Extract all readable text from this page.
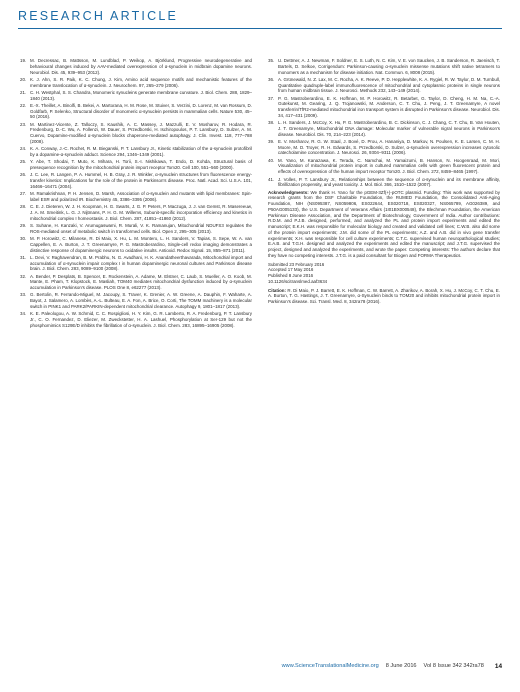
RESEARCH ARTICLE
19. M. Decressac, B. Mattsson, M. Lundblad, P. Weikop, A. Björklund, Progressive neurodegenerative and behavioural changes induced by AAV-mediated overexpression of α-synuclein in midbrain dopamine neurons. Neurobiol. Dis. 45, 939–953 (2012).
20. K. J. Ahn, S. R. Paik, K. C. Chung, J. Kim, Amino acid sequence motifs and mechanistic features of the membrane translocation of α-synuclein. J. Neurochem. 97, 265–279 (2006).
21. C. H. Westphal, S. S. Chandra, Monomeric synucleins generate membrane curvature. J. Biol. Chem. 288, 1829–1840 (2013).
22. E.-X. Theillet, A. Binolfi, B. Bekei, A. Martorana, H. M. Rose, M. Stuiver, S. Verzini, D. Lorenz, M. van Rossum, D. Goldfarb, P. Selenko, Structural disorder of monomeric α-synuclein persists in mammalian cells. Nature 530, 45–50 (2016).
23. M. Martinez-Vicente, Z. Talloczy, S. Kaushik, A. C. Massey, J. Mazzulli, E. V. Mosharov, R. Hodara, R. Fredenburg, D.-C. Wu, A. Follenzi, W. Dauer, S. Przedborski, H. Ischiropoulos, P. T. Lansbury, D. Sulzer, A. M. Cuervo, Dopamine-modified α-synuclein blocks chaperone-mediated autophagy. J. Clin. Invest. 118, 777–788 (2008).
24. K. A. Conway, J.-C. Rochet, R. M. Bieganski, P. T. Lansbury Jr., Kinetic stabilization of the α-synuclein protofibril by a dopamine-α-synuclein adduct. Science 294, 1346–1349 (2001).
25. Y. Abe, T. Shodai, T. Muto, K. Mihara, H. Torii, S.-I. Nishikawa, T. Endo, D. Kohda, Structural basis of presequence recognition by the mitochondrial protein import receptor Tom20. Cell 100, 551–560 (2000).
26. J. C. Lee, R. Langen, P. A. Hummel, H. B. Gray, J. R. Winkler, α-synuclein structures from fluorescence energy-transfer kinetics: Implications for the role of the protein in Parkinson's disease. Proc. Natl. Acad. Sci. U.S.A. 101, 16466–16471 (2004).
27. M. Ramakrishnan, P. H. Jensen, D. Marsh, Association of α-synuclein and mutants with lipid membranes: Spin-label ESR and polarized IR. Biochemistry 45, 3386–3395 (2006).
28. C. E. J. Dieteren, W. J. H. Koopman, H. G. Swarts, J. G. P. Peters, P. Maczuga, J. J. van Gemst, R. Masereeuw, J. A. M. Smeitink, L. G. J. Nijtmans, P. H. G. M. Willems, Subunit-specific incorporation efficiency and kinetics in mitochondrial complex I homeostasis. J. Biol. Chem. 287, 41851–41860 (2012).
29. S. Suhane, H. Kanzaki, V. Arumugaswami, R. Murali, V. K. Ramanujan, Mitochondrial NDUFS3 regulates the ROS-mediated onset of metabolic switch in transformed cells. Biol. Open 2, 295–305 (2013).
30. M. P. Horowitz, C. Milanese, R. Di Maio, X. Hu, L. M. Montero, L. H. Sanders, V. Tapias, S. Sepe, W. A. van Cappellen, E. A. Burton, J. T. Greenamyre, P. G. Mastroberardino, Single-cell redox imaging demonstrates a distinctive response of dopaminergic neurons to oxidative insults. Antioxid. Redox Signal. 15, 855–871 (2011).
31. L. Devi, V. Raghavendran, B. M. Prabhu, N. G. Avadhani, H. K. Anandatheerthavarada, Mitochondrial import and accumulation of α-synuclein impair complex I in human dopaminergic neuronal cultures and Parkinson disease brain. J. Biol. Chem. 283, 9089–9100 (2008).
32. A. Bender, P. Desplats, B. Spencer, E. Rockenstein, A. Adame, M. Elstner, C. Laub, S. Mueller, A. O. Koob, M. Mante, E. Pham, T. Klopstock, E. Masliah, TOM40 mediates mitochondrial dysfunction induced by α-synuclein accumulation in Parkinson's disease. PLOS One 8, e62277 (2013).
33. G. Bertolin, R. Ferrando-Miguel, M. Jacoupy, S. Traver, K. Grenier, A. W. Greene, A. Dauphin, F. Waharte, A. Bayot, J. Salamero, A. Lombès, A.-L. Bulteau, E. A. Fon, A. Brice, O. Corti, The TOMM machinery is a molecular switch in PINK1 and PARK2/PARKIN-dependent mitochondrial clearance. Autophagy 9, 1801–1817 (2013).
34. K. E. Paleologou, A. W. Schmid, C. C. Rospigliosi, H. Y. Kim, G. R. Lamberto, R. A. Fredenburg, P. T. Lansbury Jr., C. O. Fernandez, D. Eliezer, M. Zweckstetter, H. A. Lashuel, Phosphorylation at Ser-129 but not the phosphomimics S129E/D inhibits the fibrillation of α-synuclein. J. Biol. Chem. 283, 16895–16905 (2008).
35. U. Dettmer, A. J. Newman, F. Soldner, E. S. Luth, N. C. Kim, V. E. von Saucken, J. B. Sanderson, R. Jaenisch, T. Bartels, D. Selkoe, Corrigendum: Parkinson-causing α-synuclein missense mutations shift native tetramers to monomers as a mechanism for disease initiation. Nat. Commun. 6, 8008 (2015).
36. A. Grünewald, N. Z. Lax, M. C. Rocha, A. K. Reeve, P. D. Hepplewhite, K. A. Rygiel, R. W. Taylor, D. M. Turnbull, Quantitative quadruple-label immunofluorescence of mitochondrial and cytoplasmic proteins in single neurons from human midbrain tissue. J. Neurosci. Methods 232, 143–149 (2014).
37. P. G. Mastroberardino, E. K. Hoffman, M. P. Horowitz, R. Betarbet, G. Taylor, D. Cheng, H. M. Na, C.-A. Gutekunst, M. Gearing, J. Q. Trojanowski, M. Anderson, C. T. Chu, J. Peng, J. T. Greenamyre, A novel transferrin/TfR2-mediated mitochondrial iron transport system is disrupted in Parkinson's disease. Neurobiol. Dis. 34, 417–431 (2009).
38. L. H. Sanders, J. McCoy, X. Hu, P. G. Mastroberardino, B. C. Dickinson, C. J. Chang, C. T. Chu, B. Van Houten, J. T. Greenamyre, Mitochondrial DNA damage: Molecular marker of vulnerable nigral neurons in Parkinson's disease. Neurobiol. Dis. 70, 214–223 (2014).
39. E. V. Mosharov, R. G. W. Staal, J. Bové, D. Prou, A. Hananiya, D. Markov, N. Poulsen, K. E. Larsen, C. M. H. Moore, M. D. Troyer, R. H. Edwards, S. Przedborski, D. Sulzer, α-synuclein overexpression increases cytosolic catecholamine concentration. J. Neurosci. 26, 9304–9311 (2006).
40. M. Yano, M. Kanazawa, K. Terada, C. Namchai, M. Yamaizumi, B. Hanson, N. Hoogenraad, M. Mori, Visualization of mitochondrial protein import in cultured mammalian cells with green fluorescent protein and effects of overexpression of the human import receptor Tom20. J. Biol. Chem. 272, 8459–8465 (1997).
41. J. Volles, P. T. Lansbury Jr., Relationships between the sequence of α-synuclein and its membrane affinity, fibrillization propensity, and yeast toxicity. J. Mol. Biol. 366, 1510–1522 (2007).
Acknowledgments: We thank H. Yano for the pGEM-3Zf(+)-pOTC plasmid. Funding: This work was supported by research grants from the DSF Charitable Foundation, the RUMED Foundation, the Consolidated Anti-Aging Foundation, NIH (NS095387, NS059806, ES022644, ES020718, ES020327, NS065789, AG026389, and P50AG005133), the U.S. Department of Veterans Affairs (1I01BX000548), the Blechman Foundation, the American Parkinson Disease Association, and the Department of Biotechnology, Government of India. Author contributions: R.D.M. and P.J.B. designed, performed, and analyzed the PL and protein import experiments and edited the manuscript; E.K.H. was responsible for molecular biology and created and validated cell lines; C.W.B. also did some of the protein import experiments; J.M. did some of the PL experiments; A.Z. and A.B. did in vivo gene transfer experiments; X.H. was responsible for cell culture experiments; C.T.C. supervised human neuropathological studies; E.A.B. and T.G.H. designed and analyzed the experiments and edited the manuscript; and J.T.G. supervised the project, designed and analyzed the experiments, and wrote the paper. Competing interests: The authors declare that they have no competing interests. J.T.G. is a paid consultant for Biogen and FORMA Therapeutics.
Submitted 23 February 2016
Accepted 17 May 2016
Published 8 June 2016
10.1126/scitranslmed.aaf3634
Citation: R. Di Maio, P. J. Barrett, E. K. Hoffman, C. W. Barrett, A. Zharikov, A. Borah, X. Hu, J. McCoy, C. T. Chu, E. A. Burton, T. G. Hastings, J. T. Greenamyre, α-Synuclein binds to TOM20 and inhibits mitochondrial protein import in Parkinson's disease. Sci. Transl. Med. 8, 342ra78 (2016).
www.ScienceTranslationalMedicine.org 8 June 2016 Vol 8 Issue 342 342ra78 14
